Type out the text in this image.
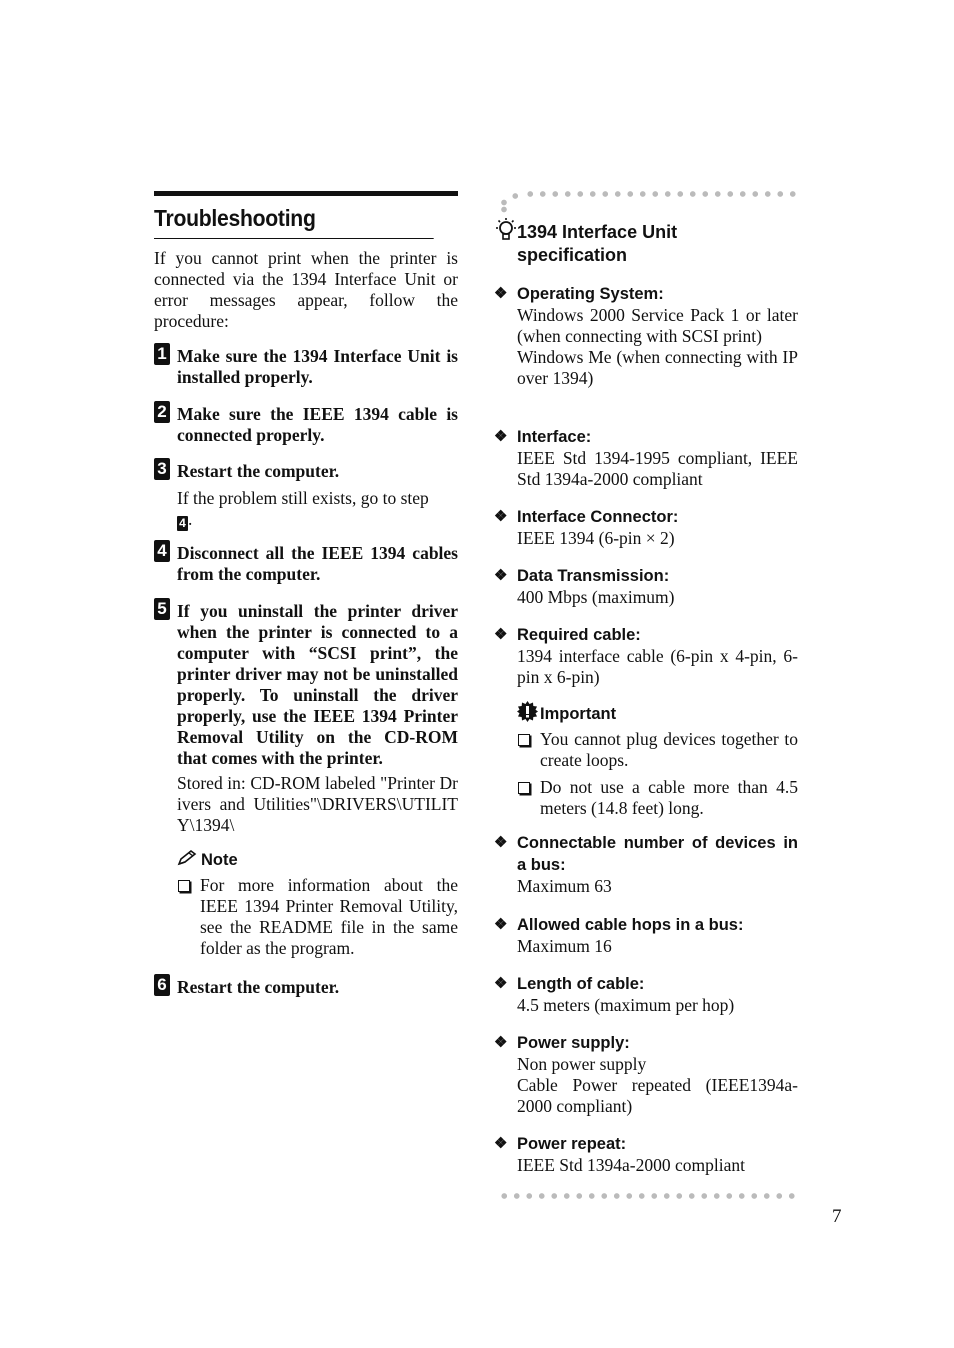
Troubleshooting

If you cannot print when the printer is connected via the 1394 Interface Unit or error messages appear, follow the procedure:

1 Make sure the 1394 Interface Unit is installed properly.
2 Make sure the IEEE 1394 cable is connected properly.
3 Restart the computer.
If the problem still exists, go to step
4 .
4 Disconnect all the IEEE 1394 cables from the computer.
5 If you uninstall the printer driver when the printer is connected to a computer with “SCSI print”, the printer driver may not be uninstalled properly. To uninstall the driver properly, use the IEEE 1394 Printer Removal Utility on the CD-ROM that comes with the printer.
Stored in: CD-ROM labeled "Printer Drivers and Utilities"\DRIVERS\UTILITY\1394\
Note
For more information about the IEEE 1394 Printer Removal Utility, see the README file in the same folder as the program.
6 Restart the computer.
1394 Interface Unit
specification
❖ Operating System:
Windows 2000 Service Pack 1 or later (when connecting with SCSI print)
Windows Me (when connecting with IP over 1394)
❖ Interface:
IEEE Std 1394-1995 compliant, IEEE Std 1394a-2000 compliant
❖ Interface Connector:
IEEE 1394 (6-pin × 2)
❖ Data Transmission:
400 Mbps (maximum)
❖ Required cable:
1394 interface cable (6-pin x 4-pin, 6-pin x 6-pin)
Important
You cannot plug devices together to create loops.
Do not use a cable more than 4.5 meters (14.8 feet) long.
❖ Connectable number of devices in a bus:
Maximum 63
❖ Allowed cable hops in a bus:
Maximum 16
❖ Length of cable:
4.5 meters (maximum per hop)
❖ Power supply:
Non power supply
Cable Power repeated (IEEE1394a-2000 compliant)
❖ Power repeat:
IEEE Std 1394a-2000 compliant
7
